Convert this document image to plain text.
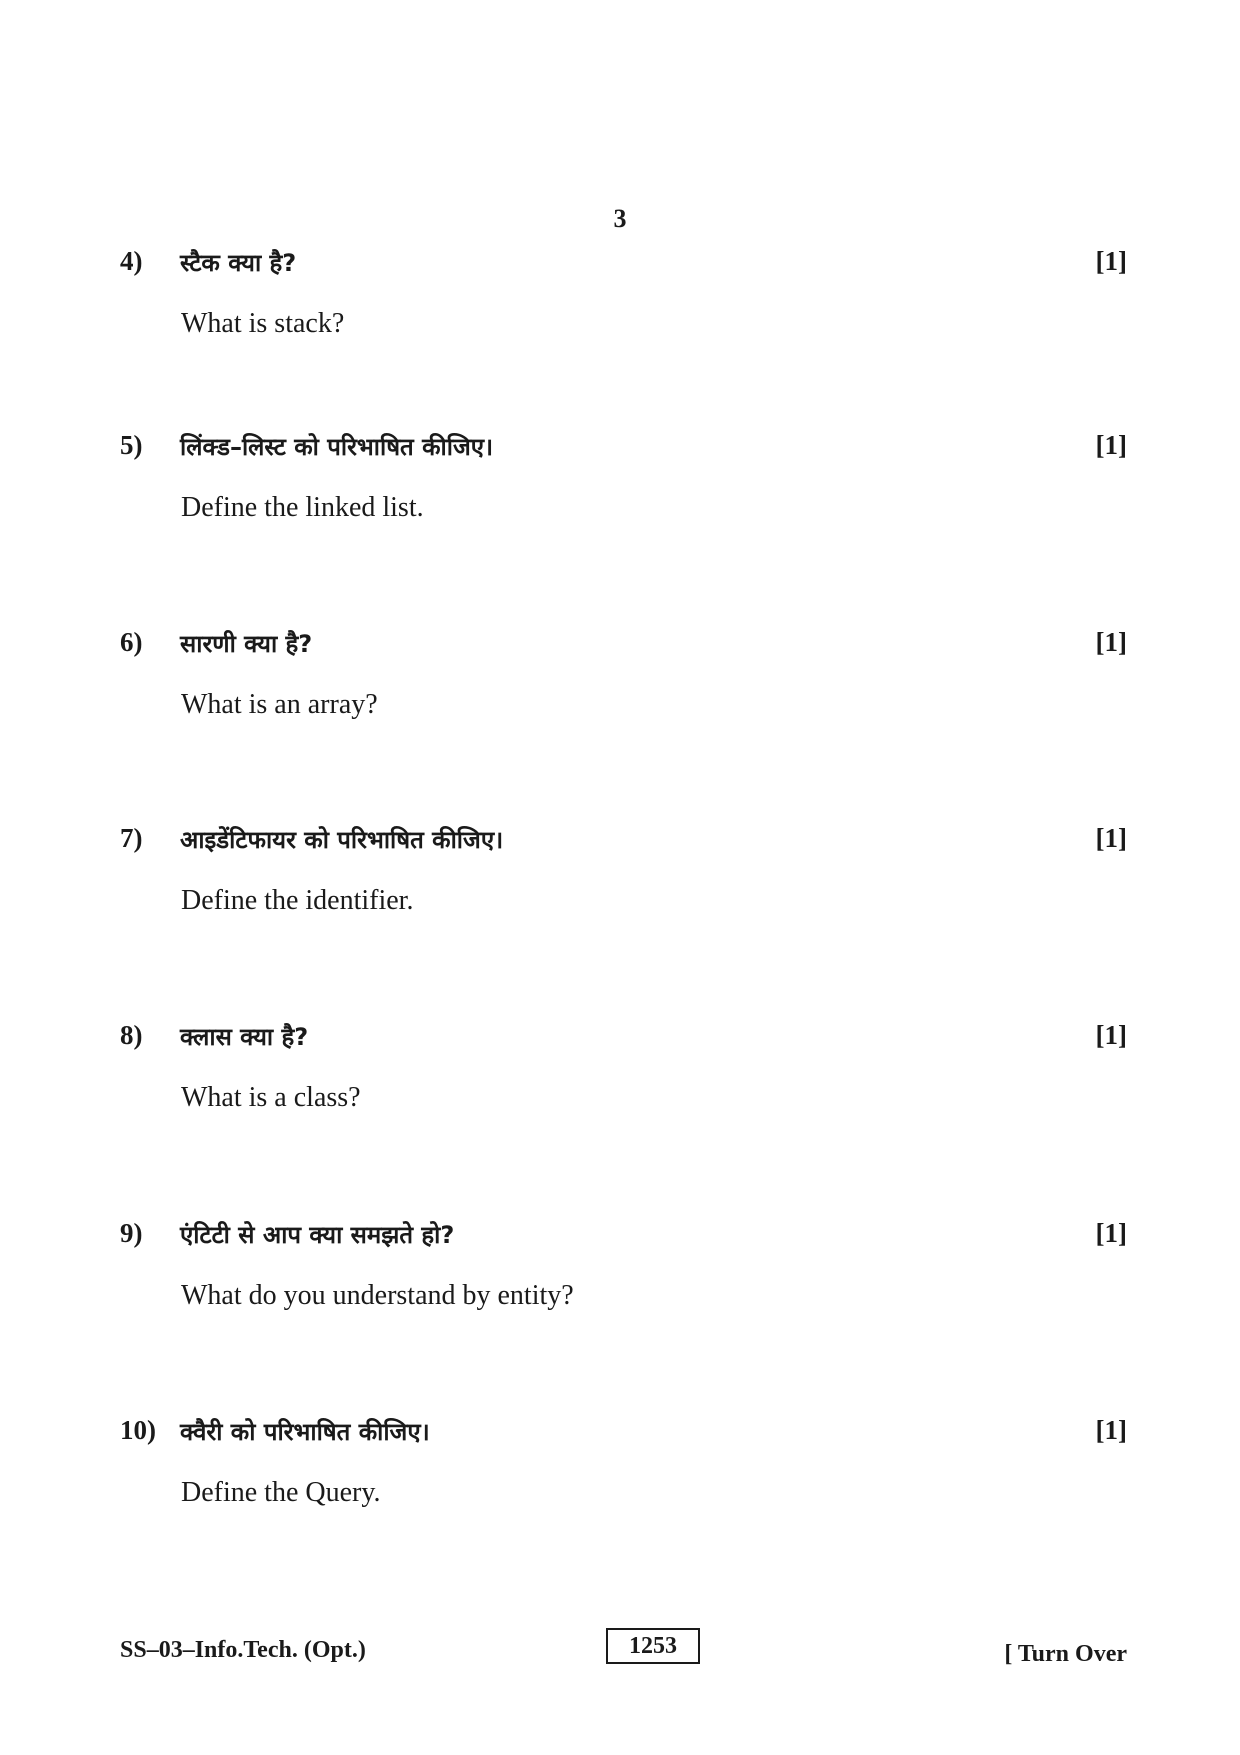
3
4) स्टैक क्या है?	[1]
What is stack?
5) लिंक्ड–लिस्ट को परिभाषित कीजिए।	[1]
Define the linked list.
6) सारणी क्या है?	[1]
What is an array?
7) आइडेंटिफायर को परिभाषित कीजिए।	[1]
Define the identifier.
8) क्लास क्या है?	[1]
What is a class?
9) एंटिटी से आप क्या समझते हो?	[1]
What do you understand by entity?
10) क्वैरी को परिभाषित कीजिए।	[1]
Define the Query.
SS–03–Info.Tech. (Opt.)	1253	[ Turn Over
